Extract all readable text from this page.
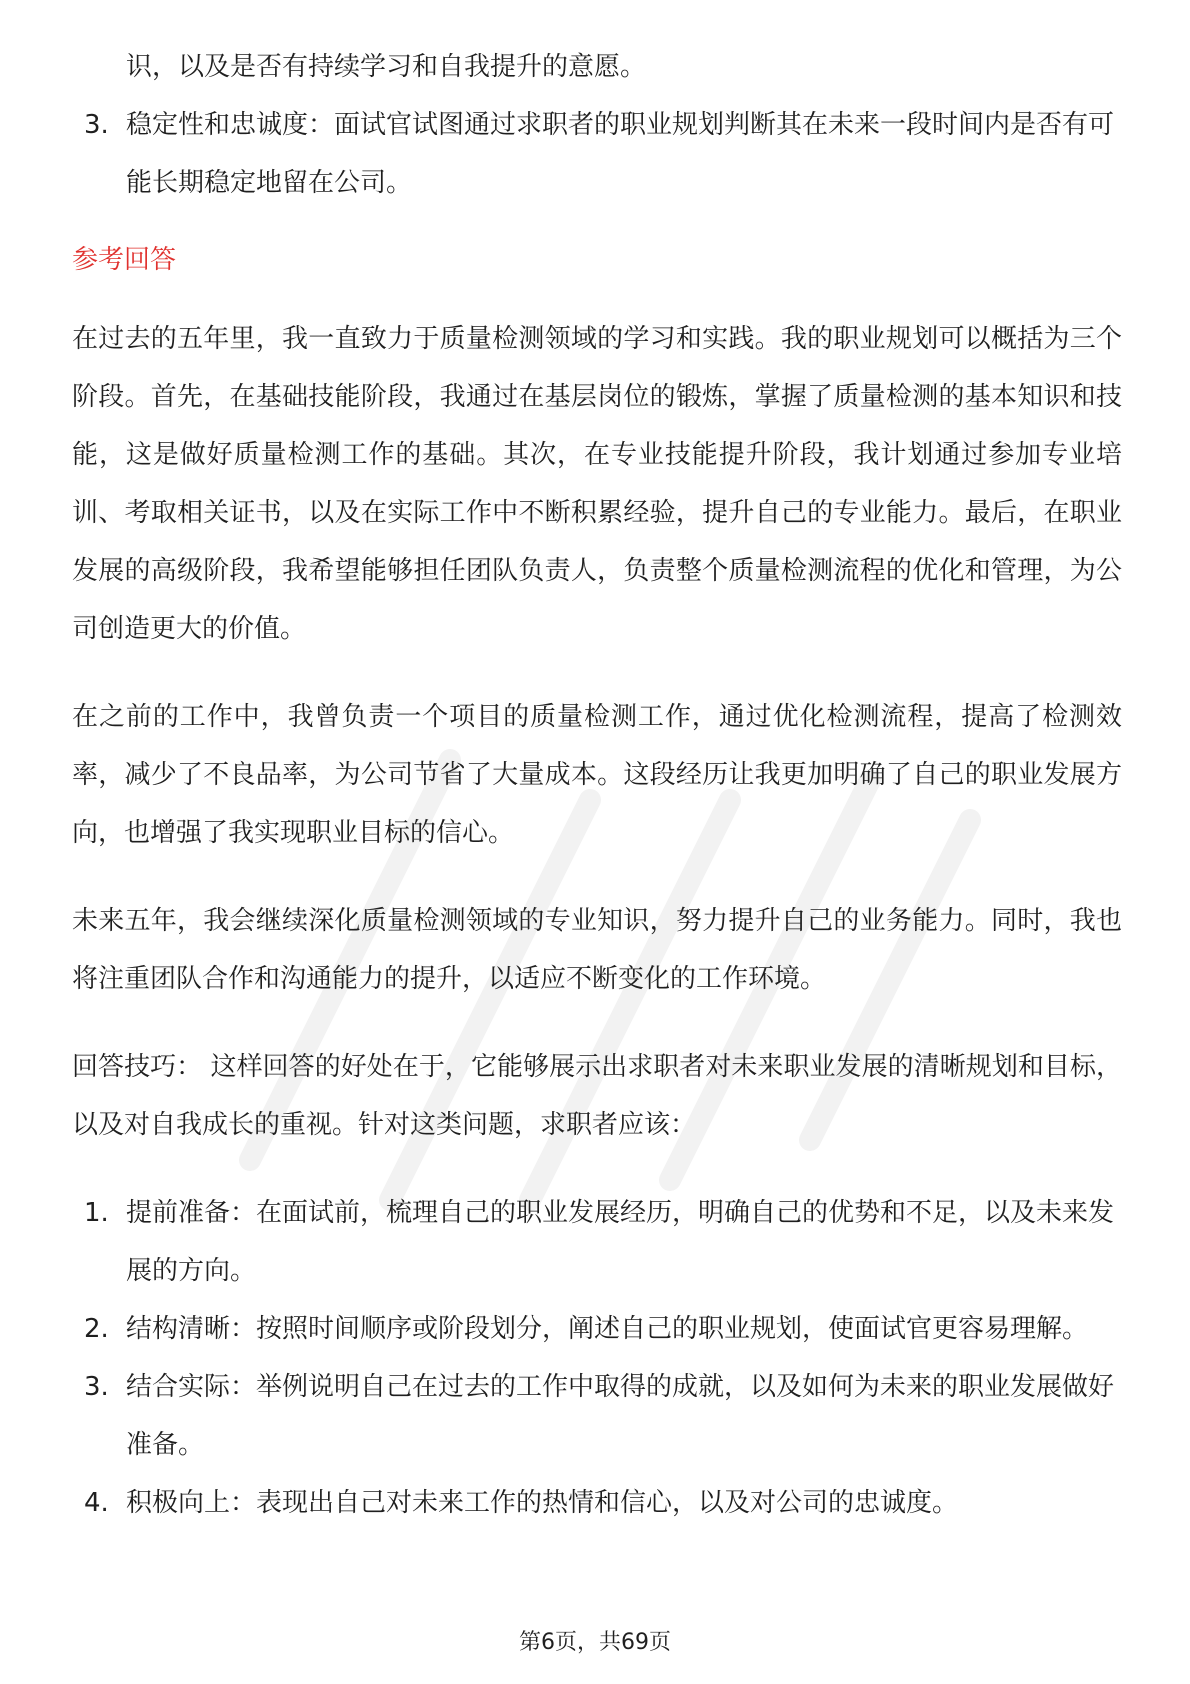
识，以及是否有持续学习和自我提升的意愿。

3. 稳定性和忠诚度：面试官试图通过求职者的职业规划判断其在未来一段时间内是否有可能长期稳定地留在公司。
参考回答

在过去的五年里，我一直致力于质量检测领域的学习和实践。我的职业规划可以概括为三个阶段。首先，在基础技能阶段，我通过在基层岗位的锻炼，掌握了质量检测的基本知识和技能，这是做好质量检测工作的基础。其次，在专业技能提升阶段，我计划通过参加专业培训、考取相关证书，以及在实际工作中不断积累经验，提升自己的专业能力。最后，在职业发展的高级阶段，我希望能够担任团队负责人，负责整个质量检测流程的优化和管理，为公司创造更大的价值。

在之前的工作中，我曾负责一个项目的质量检测工作，通过优化检测流程，提高了检测效率，减少了不良品率，为公司节省了大量成本。这段经历让我更加明确了自己的职业发展方向，也增强了我实现职业目标的信心。

未来五年，我会继续深化质量检测领域的专业知识，努力提升自己的业务能力。同时，我也将注重团队合作和沟通能力的提升，以适应不断变化的工作环境。

回答技巧： 这样回答的好处在于，它能够展示出求职者对未来职业发展的清晰规划和目标，以及对自我成长的重视。针对这类问题，求职者应该：

1. 提前准备：在面试前，梳理自己的职业发展经历，明确自己的优势和不足，以及未来发展的方向。
2. 结构清晰：按照时间顺序或阶段划分，阐述自己的职业规划，使面试官更容易理解。
3. 结合实际：举例说明自己在过去的工作中取得的成就，以及如何为未来的职业发展做好准备。
4. 积极向上：表现出自己对未来工作的热情和信心，以及对公司的忠诚度。
第6页，共69页
